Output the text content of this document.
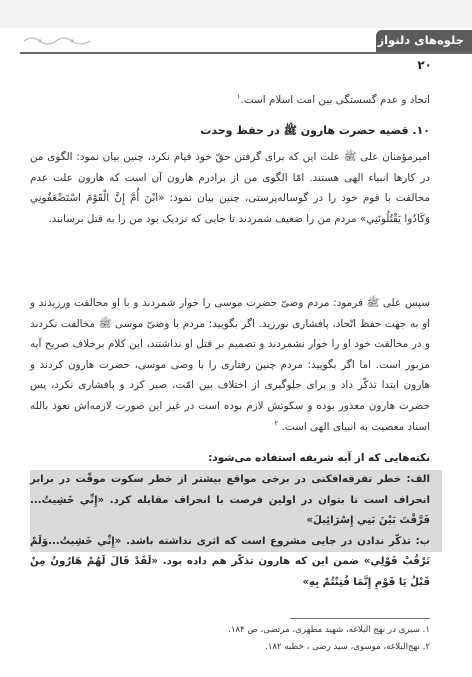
جلوه‌های دلنواز ماه
۲۰
اتحاد و عدم گسستگی بین امت اسلام است.$^۱$
۱۰. قضیه حضرت هارون ﷺ در حفظ وحدت
امیرمؤمنان علی ﷺ علت این که برای گرفتن حقّ خود قیام نکرد، چنین بیان نمود: الگوی من در کارها انبیاء الهی هستند. امّا الگوی من از برادرم هارون آن است که هارون علت عدم مخالفت با قوم خود را در گوساله‌پرستی، چنین بیان نمود: «ابْنَ أُمَّ إِنَّ الْقَوْمَ اسْتَضْعَفُونِي وَكَادُوا يَقْتُلُونَنِي» مردم من را ضعیف شمردند تا جایی که نزدیک بود من را به قتل برسانند.
سپس علی ﷺ فرمود: مردم وصیّ حضرت موسی را خوار شمردند و با او مخالفت ورزیدند و او به جهت حفظ اتّحاد، پافشاری نورزید. اگر بگویید: مردم با وصیّ موسی ﷺ مخالفت نکردند و در مخالفت خود او را خوار نشمردند و تصمیم بر قتل او نداشتند، این کلام برخلاف صریح آیه مزبور است. اما اگر بگویید: مردم چنین رفتاری را با وصی موسی، حضرت هارون کردند و هارون ابتدا تذکّر داد و برای جلوگیری از اختلاف بین امّت، صبر کرد و پافشاری نکرد، پس حضرت هارون معذور بوده و سکوتش لازم بوده است در غیر این صورت لازمه‌اش نعوذ بالله اسناد معصیت به انبیای الهی است. $^۲$
نکته‌هایی که از آیه شریفه استفاده می‌شود:
الف: خطر تفرقه‌افکنی در برخی مواقع بیشتر از خطر سکوت موقّت در برابر انحراف است تا بتوان در اولین فرصت با انحراف مقابله کرد. «إِنِّي خَشِيتُ... فَرَّقْتَ بَيْنَ بَنِي إِسْرَائِيلَ»
ب: تذکّر ندادن در جایی مشروع است که اثری نداشته باشد. «إِنِّي خَشِيتُ...وَلَمْ تَرْقُبْ قَوْلِي» ضمن این که هارون تذکّر هم داده بود. «لَقَدْ قَالَ لَهُمْ هَارُونُ مِنْ قَبْلُ يَا قَوْمِ إِنَّمَا فُتِنْتُمْ بِهِ»
۱. سیری در نهج البلاغه، شهید مطهری، مرتضی، ص ۱۸۴.
۲. نهج‌البلاغه، موسوی، سید رضی ، خطبه ۱۸۲.
